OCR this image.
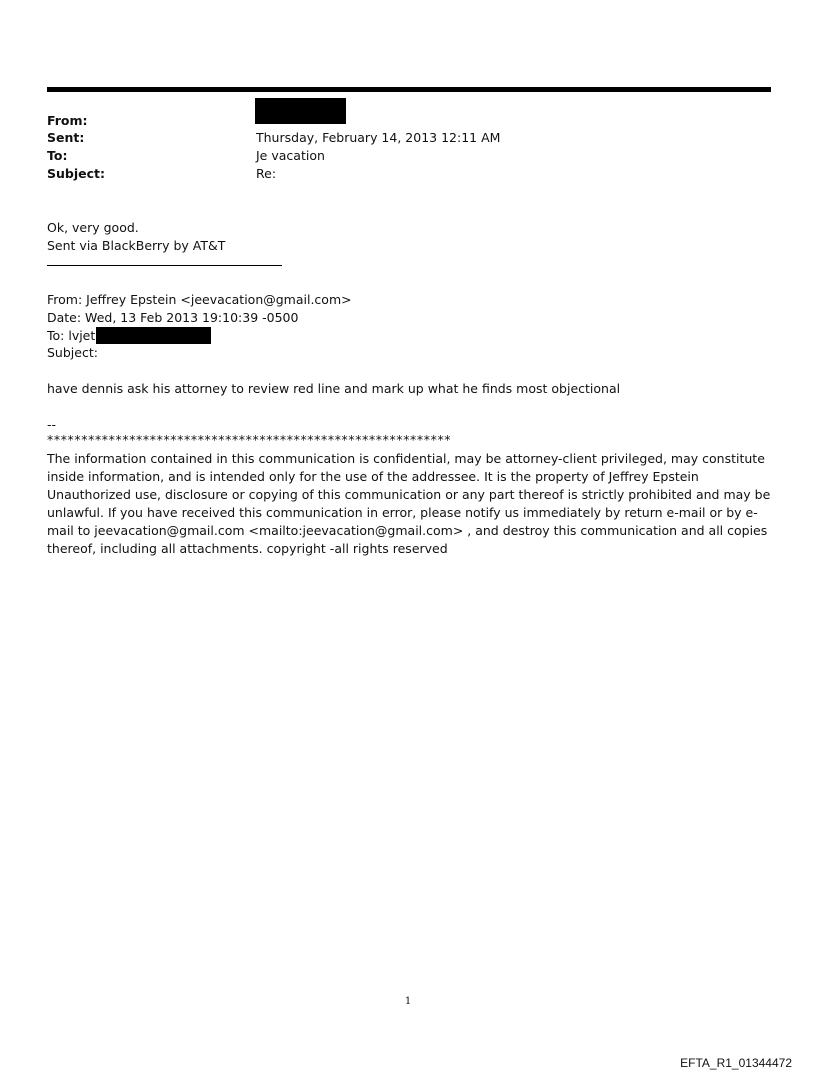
From:
Sent:	Thursday, February 14, 2013 12:11 AM
To:	Je vacation
Subject:	Re:
Ok, very good.
Sent via BlackBerry by AT&T
From: Jeffrey Epstein <jeevacation@gmail.com>
Date: Wed, 13 Feb 2013 19:10:39 -0500
To: lvjet
Subject:
have dennis ask his attorney to review red line and mark up what he finds most objectional
--
***********************************************************
The information contained in this communication is confidential, may be attorney-client privileged, may constitute inside information, and is intended only for the use of the addressee. It is the property of Jeffrey Epstein Unauthorized use, disclosure or copying of this communication or any part thereof is strictly prohibited and may be unlawful. If you have received this communication in error, please notify us immediately by return e-mail or by e-mail to jeevacation@gmail.com <mailto:jeevacation@gmail.com> , and destroy this communication and all copies thereof, including all attachments. copyright -all rights reserved
1
EFTA_R1_01344472
